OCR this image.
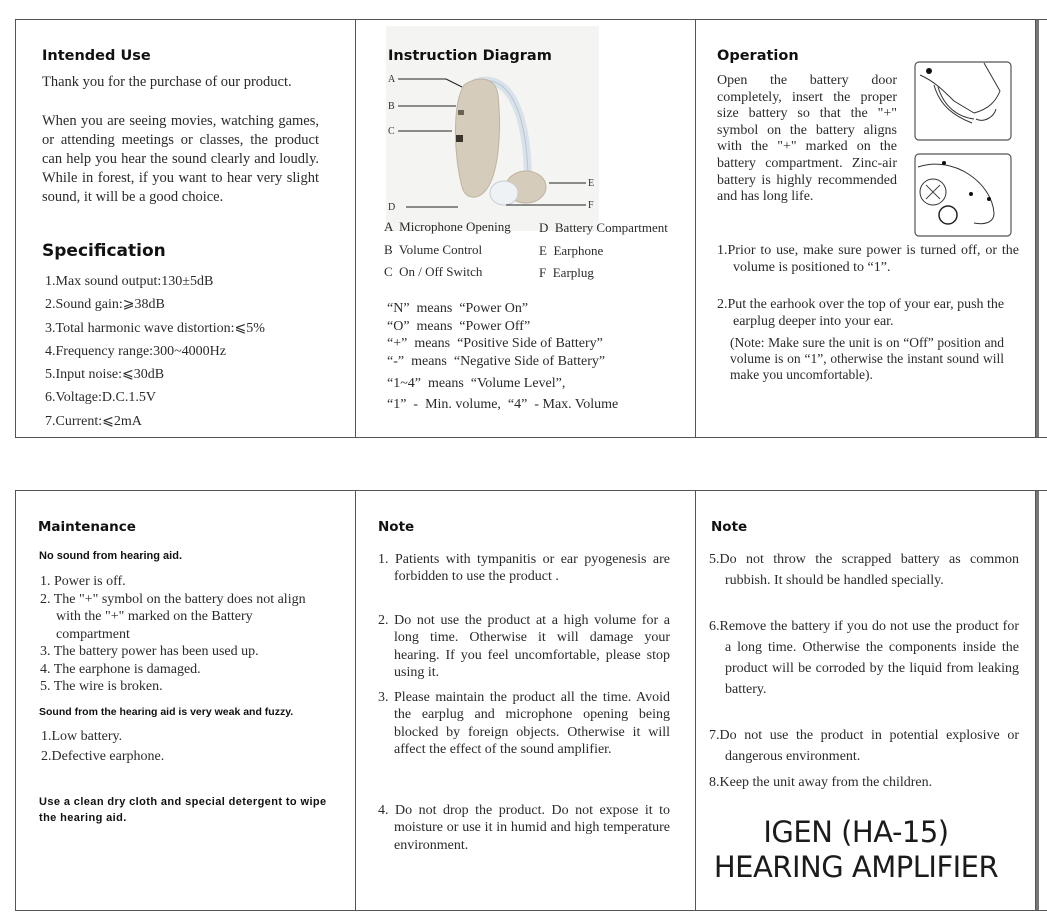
Intended Use
Thank you for the purchase of our product.
When you are seeing movies, watching games, or attending meetings or classes, the product can help you hear the sound clearly and loudly. While in forest, if you want to hear very slight sound, it will be a good choice.
Specification
1.Max sound output:130±5dB
2.Sound gain:⩾38dB
3.Total harmonic wave distortion:⩽5%
4.Frequency range:300~4000Hz
5.Input noise:⩽30dB
6.Voltage:D.C.1.5V
7.Current:⩽2mA
Instruction Diagram
A
B
C
D
E
F
A  Microphone Opening
B  Volume Control
C  On / Off Switch
D  Battery Compartment
E  Earphone
F  Earplug
“N”  means  “Power On”
“O”  means  “Power Off”
“+”  means  “Positive Side of Battery”
“-”  means  “Negative Side of Battery”
“1~4”  means  “Volume Level”,
“1”  -  Min. volume,  “4”  - Max. Volume
Operation
Open the battery door completely, insert the proper size battery so that the "+" symbol on the battery aligns with the "+" marked on the battery compartment. Zinc-air battery is highly recommended and has long life.
1.Prior to use, make sure power is turned off, or the volume is positioned to “1”.
2.Put the earhook over the top of your ear, push the earplug deeper into your ear.
(Note: Make sure the unit is on “Off” position and volume is on “1”, otherwise the instant sound will make you uncomfortable).
Maintenance
No sound from hearing aid.
1. Power is off.
2. The "+" symbol on the battery does not align with the "+" marked on the Battery compartment
3. The battery power has been used up.
4. The earphone is damaged.
5. The wire is broken.
Sound from the hearing aid is very weak and fuzzy.
1.Low battery.
2.Defective earphone.
Use a clean dry cloth and special detergent to wipe the hearing aid.
Note
1. Patients with tympanitis or ear pyogenesis are forbidden to use the product .
2. Do not use the product at a high volume for a long time. Otherwise it will damage your hearing. If you feel uncomfortable, please stop using it.
3. Please maintain the product all the time. Avoid the earplug and microphone opening being blocked by foreign objects. Otherwise it will affect the effect of the sound amplifier.
4. Do not drop the product. Do not expose it to moisture or use it in humid and high temperature environment.
Note
5.Do not throw the scrapped battery as common rubbish. It should be handled specially.
6.Remove the battery if you do not use the product for a long time. Otherwise the components inside the product will be corroded by the liquid from leaking battery.
7.Do not use the product in potential explosive or dangerous environment.
8.Keep the unit away from the children.
IGEN (HA-15)
HEARING AMPLIFIER
